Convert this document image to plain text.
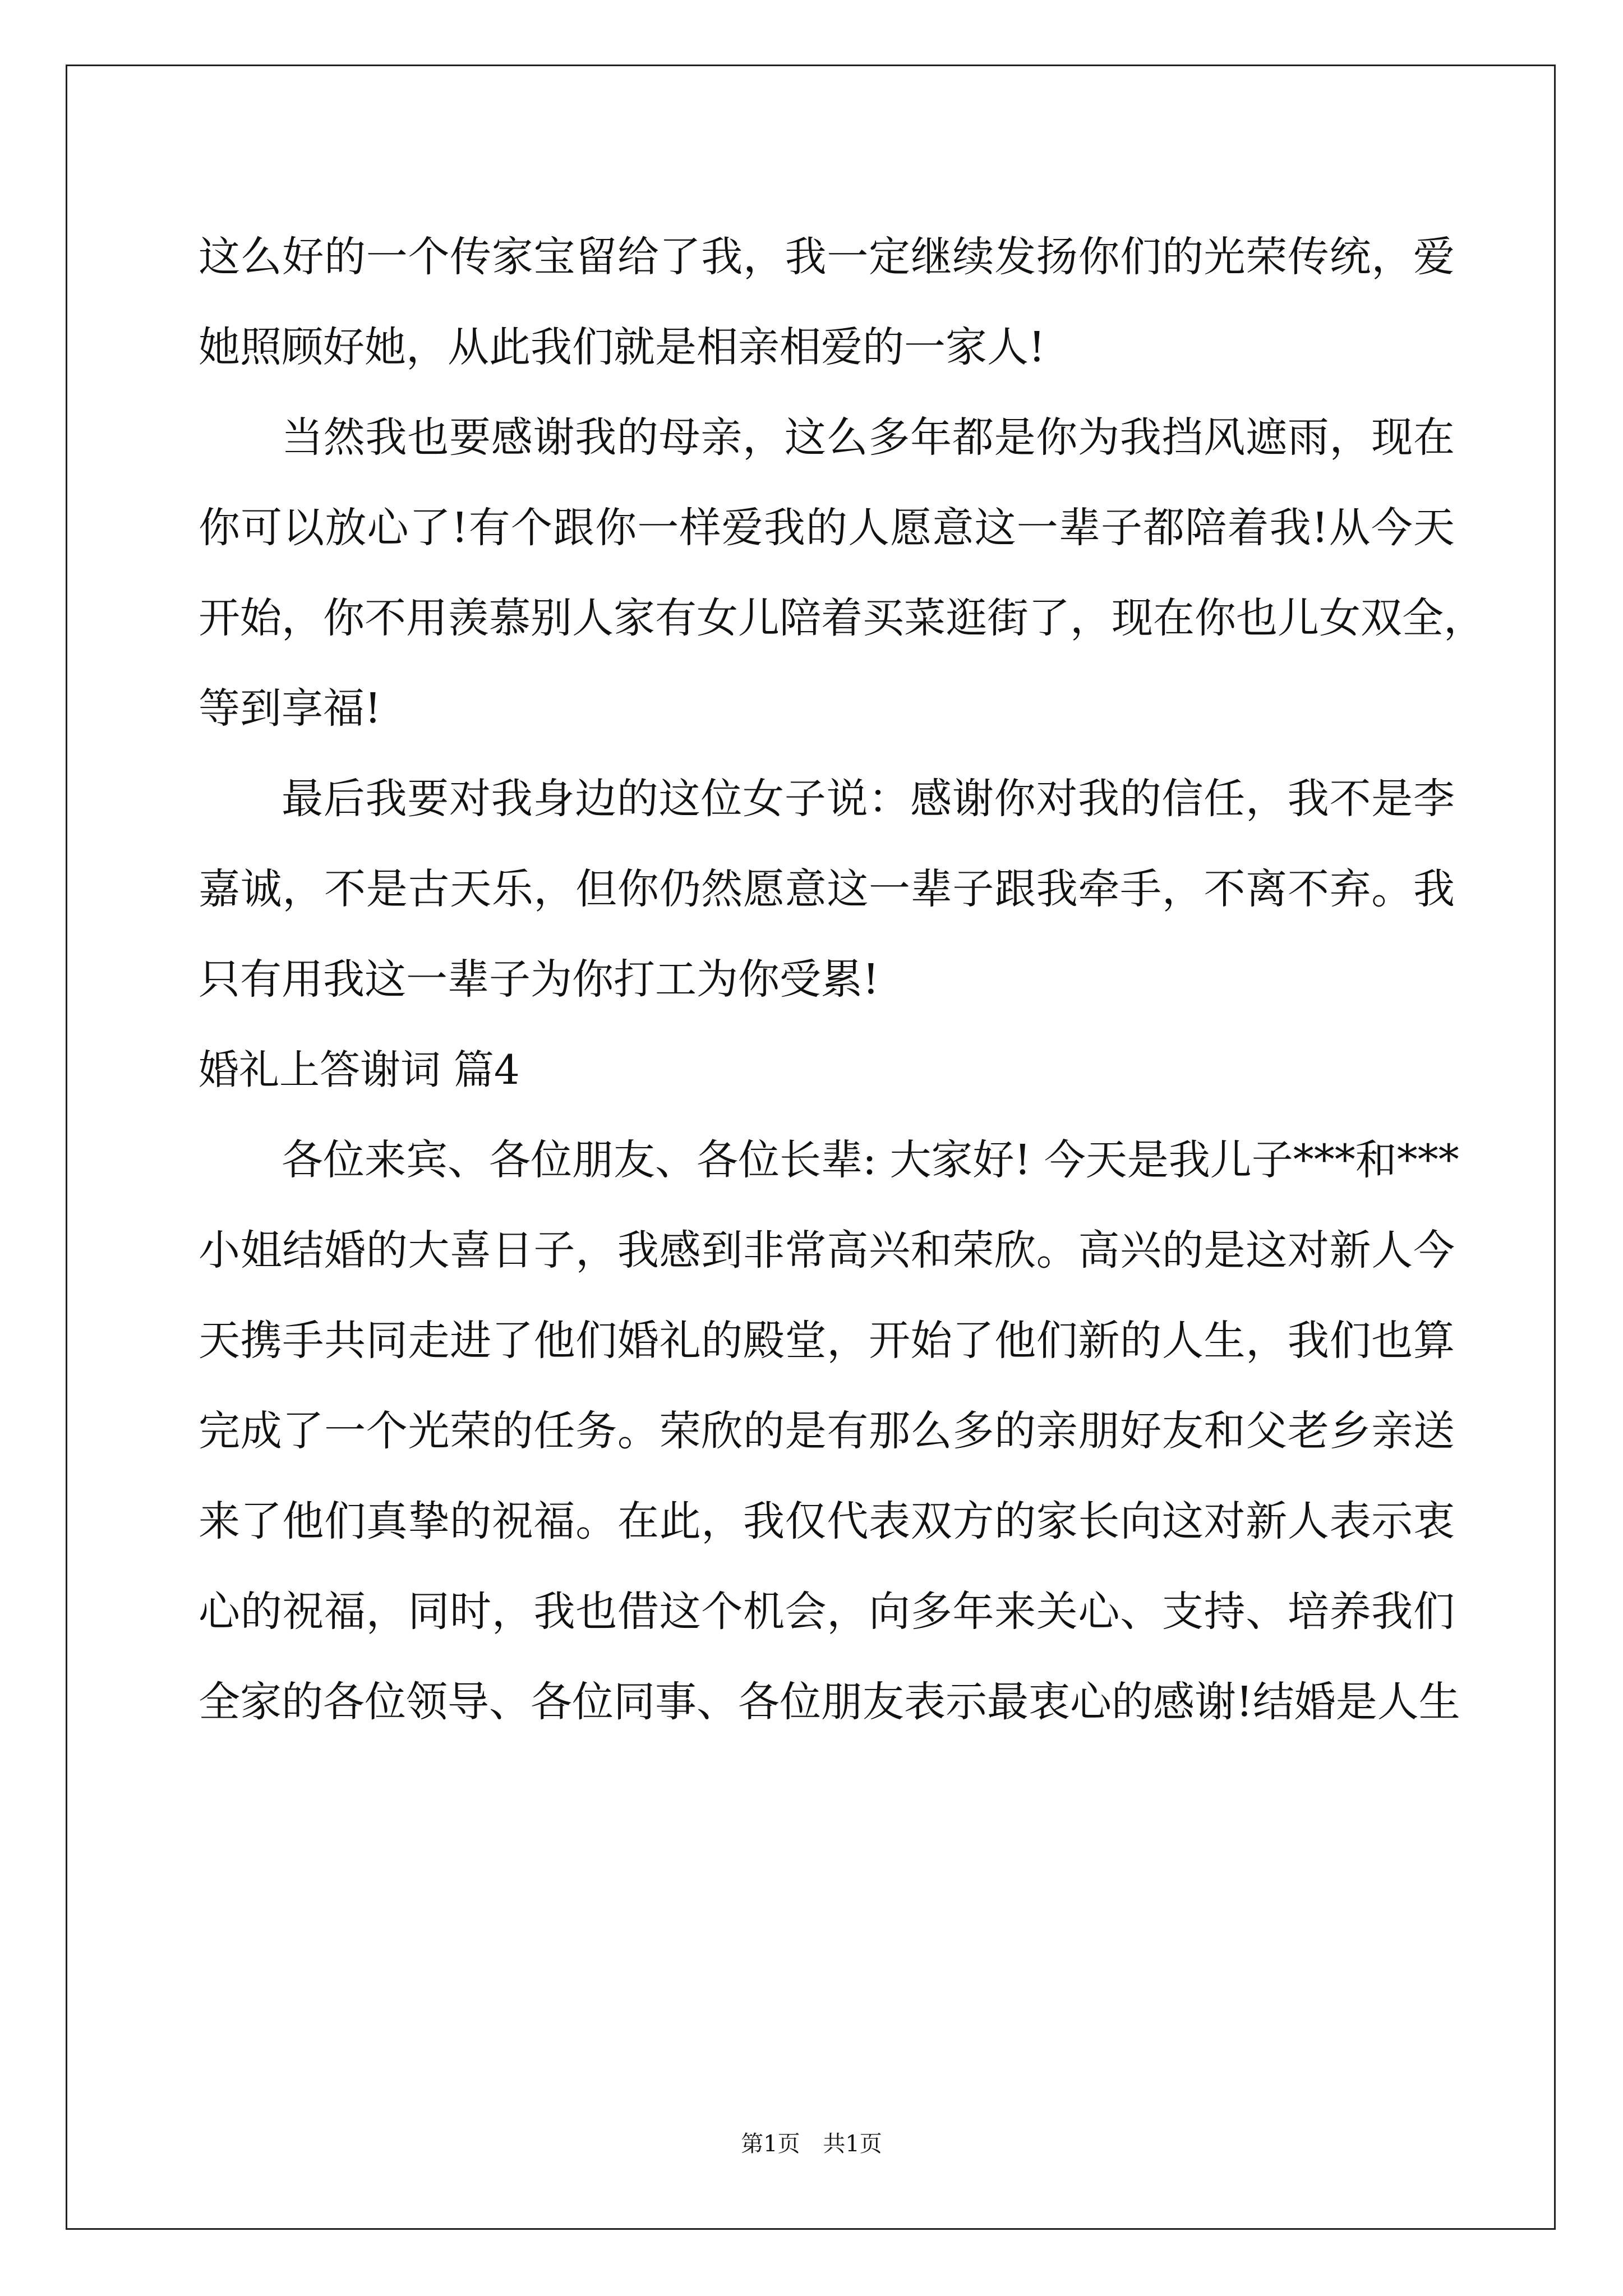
这么好的一个传家宝留给了我，我一定继续发扬你们的光荣传统，爱
她照顾好她，从此我们就是相亲相爱的一家人!
当然我也要感谢我的母亲，这么多年都是你为我挡风遮雨，现在
你可以放心了!有个跟你一样爱我的人愿意这一辈子都陪着我!从今天
开始，你不用羡慕别人家有女儿陪着买菜逛街了，现在你也儿女双全，
等到享福!
最后我要对我身边的这位女子说：感谢你对我的信任，我不是李
嘉诚，不是古天乐，但你仍然愿意这一辈子跟我牵手，不离不弃。我
只有用我这一辈子为你打工为你受累!
婚礼上答谢词 篇4
各位来宾、各位朋友、各位长辈: 大家好! 今天是我儿子***和***
小姐结婚的大喜日子，我感到非常高兴和荣欣。高兴的是这对新人今
天携手共同走进了他们婚礼的殿堂，开始了他们新的人生，我们也算
完成了一个光荣的任务。荣欣的是有那么多的亲朋好友和父老乡亲送
来了他们真挚的祝福。在此，我仅代表双方的家长向这对新人表示衷
心的祝福，同时，我也借这个机会，向多年来关心、支持、培养我们
全家的各位领导、各位同事、各位朋友表示最衷心的感谢!结婚是人生
第1页 共1页
